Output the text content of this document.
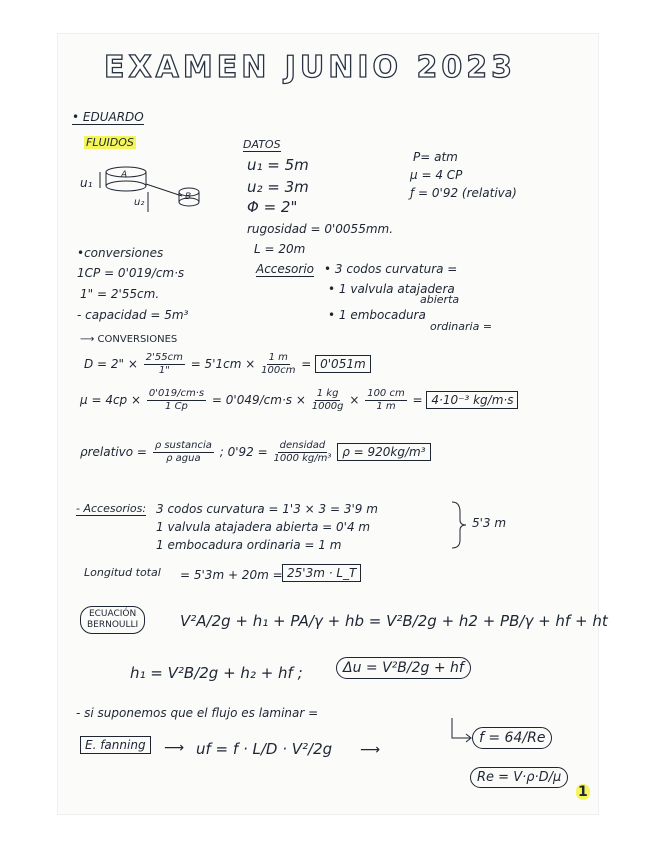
EXAMEN JUNIO 2023
• EDUARDO
FLUIDOS
u₁
u₂
A
B
DATOS
u₁ = 5m
u₂ = 3m
Φ = 2"
rugosidad = 0'0055mm.
L = 20m
P= atm
μ = 4 CP
ƒ = 0'92 (relativa)
Accesorio • 3 codos curvatura =
• 1 valvula atajadera
abierta
• 1 embocadura
ordinaria =
•conversiones
1CP = 0'019/cm·s
1" = 2'55cm.
- capacidad = 5m³
⟶ CONVERSIONES
D = 2" × $\frac{2'55cm}{1"} = 5'1cm \times \frac{1 m}{100cm} = 0'051m$
$\mu = 4cp \times \frac{0'019/cm\cdot s}{1 Cp} = 0'049/cm\cdot s \times \frac{1 kg}{1000g} \times \frac{100 cm}{1 m} = 4\cdot 10^{-3}$ kg/m·s
ρrelativo = $\frac{\text{ρ sustancia}}{\text{ρ agua}}$ ; $0'92 = \frac{\text{densidad}}{\text{1000 kg/m³}}$ ρ = 920kg/m³
- Accesorios: 3 codos curvatura = 1'3 × 3 = 3'9 m
1 valvula atajadera abierta = 0'4 m
1 embocadura ordinaria = 1 m
5'3 m
Longitud total = 5'3m + 20m = 25'3m · L_T
ECUACIÓN
BERNOULLI	V²A/2g + h₁ + PA/γ + hb = V²B/2g + h2 + PB/γ + hf + ht
h₁ = V²B/2g + h₂ + hf ;	Δu = V²B/2g + hf
- si suponemos que el flujo es laminar =
E. fanning	⟶ uf = f · L/D · V²/2g ⟶
f = 64/Re
Re = V·ρ·D/μ
1
